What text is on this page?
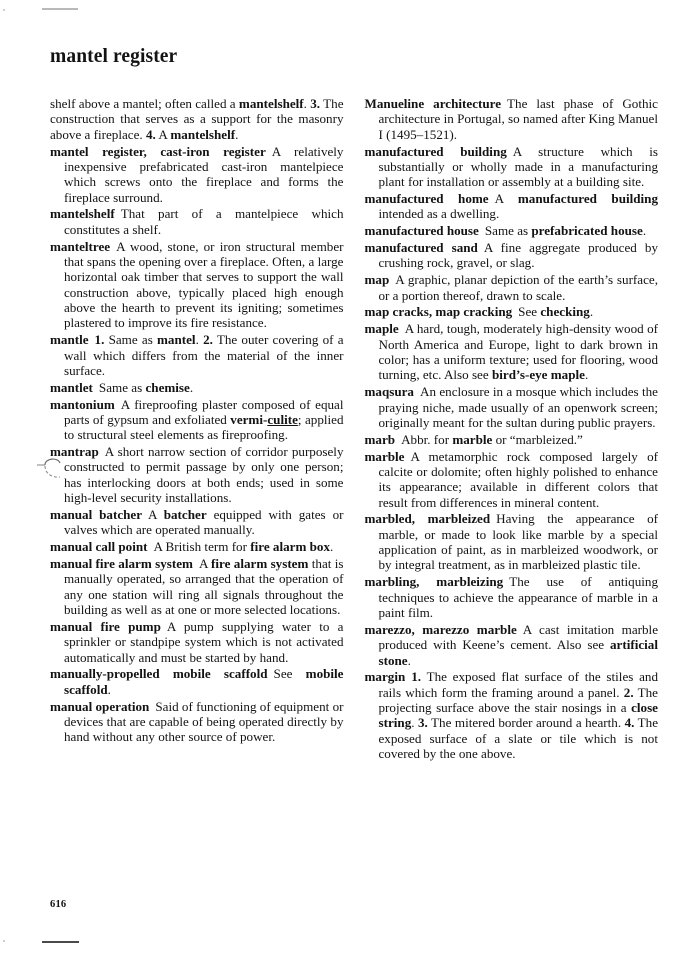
mantel register

shelf above a mantel; often called a mantelshelf. 3. The construction that serves as a support for the masonry above a fireplace. 4. A mantelshelf.

mantel register, cast-iron register A relatively inexpensive prefabricated cast-iron mantelpiece which screws onto the fireplace and forms the fireplace surround.

mantelshelf That part of a mantelpiece which constitutes a shelf.

manteltree A wood, stone, or iron structural member that spans the opening over a fireplace. Often, a large horizontal oak timber that serves to support the wall construction above, typically placed high enough above the hearth to prevent its igniting; sometimes plastered to improve its fire resistance.

mantle 1. Same as mantel. 2. The outer covering of a wall which differs from the material of the inner surface.

mantlet Same as chemise.

mantonium A fireproofing plaster composed of equal parts of gypsum and exfoliated vermi-culite; applied to structural steel elements as fireproofing.

mantrap A short narrow section of corridor purposely constructed to permit passage by only one person; has interlocking doors at both ends; used in some high-level security installations.

manual batcher A batcher equipped with gates or valves which are operated manually.

manual call point A British term for fire alarm box.

manual fire alarm system A fire alarm system that is manually operated, so arranged that the operation of any one station will ring all signals throughout the building as well as at one or more selected locations.

manual fire pump A pump supplying water to a sprinkler or standpipe system which is not activated automatically and must be started by hand.

manually-propelled mobile scaffold See mobile scaffold.

manual operation Said of functioning of equipment or devices that are capable of being operated directly by hand without any other source of power.

Manueline architecture The last phase of Gothic architecture in Portugal, so named after King Manuel I (1495–1521).

manufactured building A structure which is substantially or wholly made in a manufacturing plant for installation or assembly at a building site.

manufactured home A manufactured building intended as a dwelling.

manufactured house Same as prefabricated house.

manufactured sand A fine aggregate produced by crushing rock, gravel, or slag.

map A graphic, planar depiction of the earth’s surface, or a portion thereof, drawn to scale.

map cracks, map cracking See checking.

maple A hard, tough, moderately high-density wood of North America and Europe, light to dark brown in color; has a uniform texture; used for flooring, wood turning, etc. Also see bird’s-eye maple.

maqsura An enclosure in a mosque which includes the praying niche, made usually of an openwork screen; originally meant for the sultan during public prayers.

marb Abbr. for marble or “marbleized.”

marble A metamorphic rock composed largely of calcite or dolomite; often highly polished to enhance its appearance; available in different colors that result from differences in mineral content.

marbled, marbleized Having the appearance of marble, or made to look like marble by a special application of paint, as in marbleized woodwork, or by integral treatment, as in marbleized plastic tile.

marbling, marbleizing The use of antiquing techniques to achieve the appearance of marble in a paint film.

marezzo, marezzo marble A cast imitation marble produced with Keene’s cement. Also see artificial stone.

margin 1. The exposed flat surface of the stiles and rails which form the framing around a panel. 2. The projecting surface above the stair nosings in a close string. 3. The mitered border around a hearth. 4. The exposed surface of a slate or tile which is not covered by the one above.

616
